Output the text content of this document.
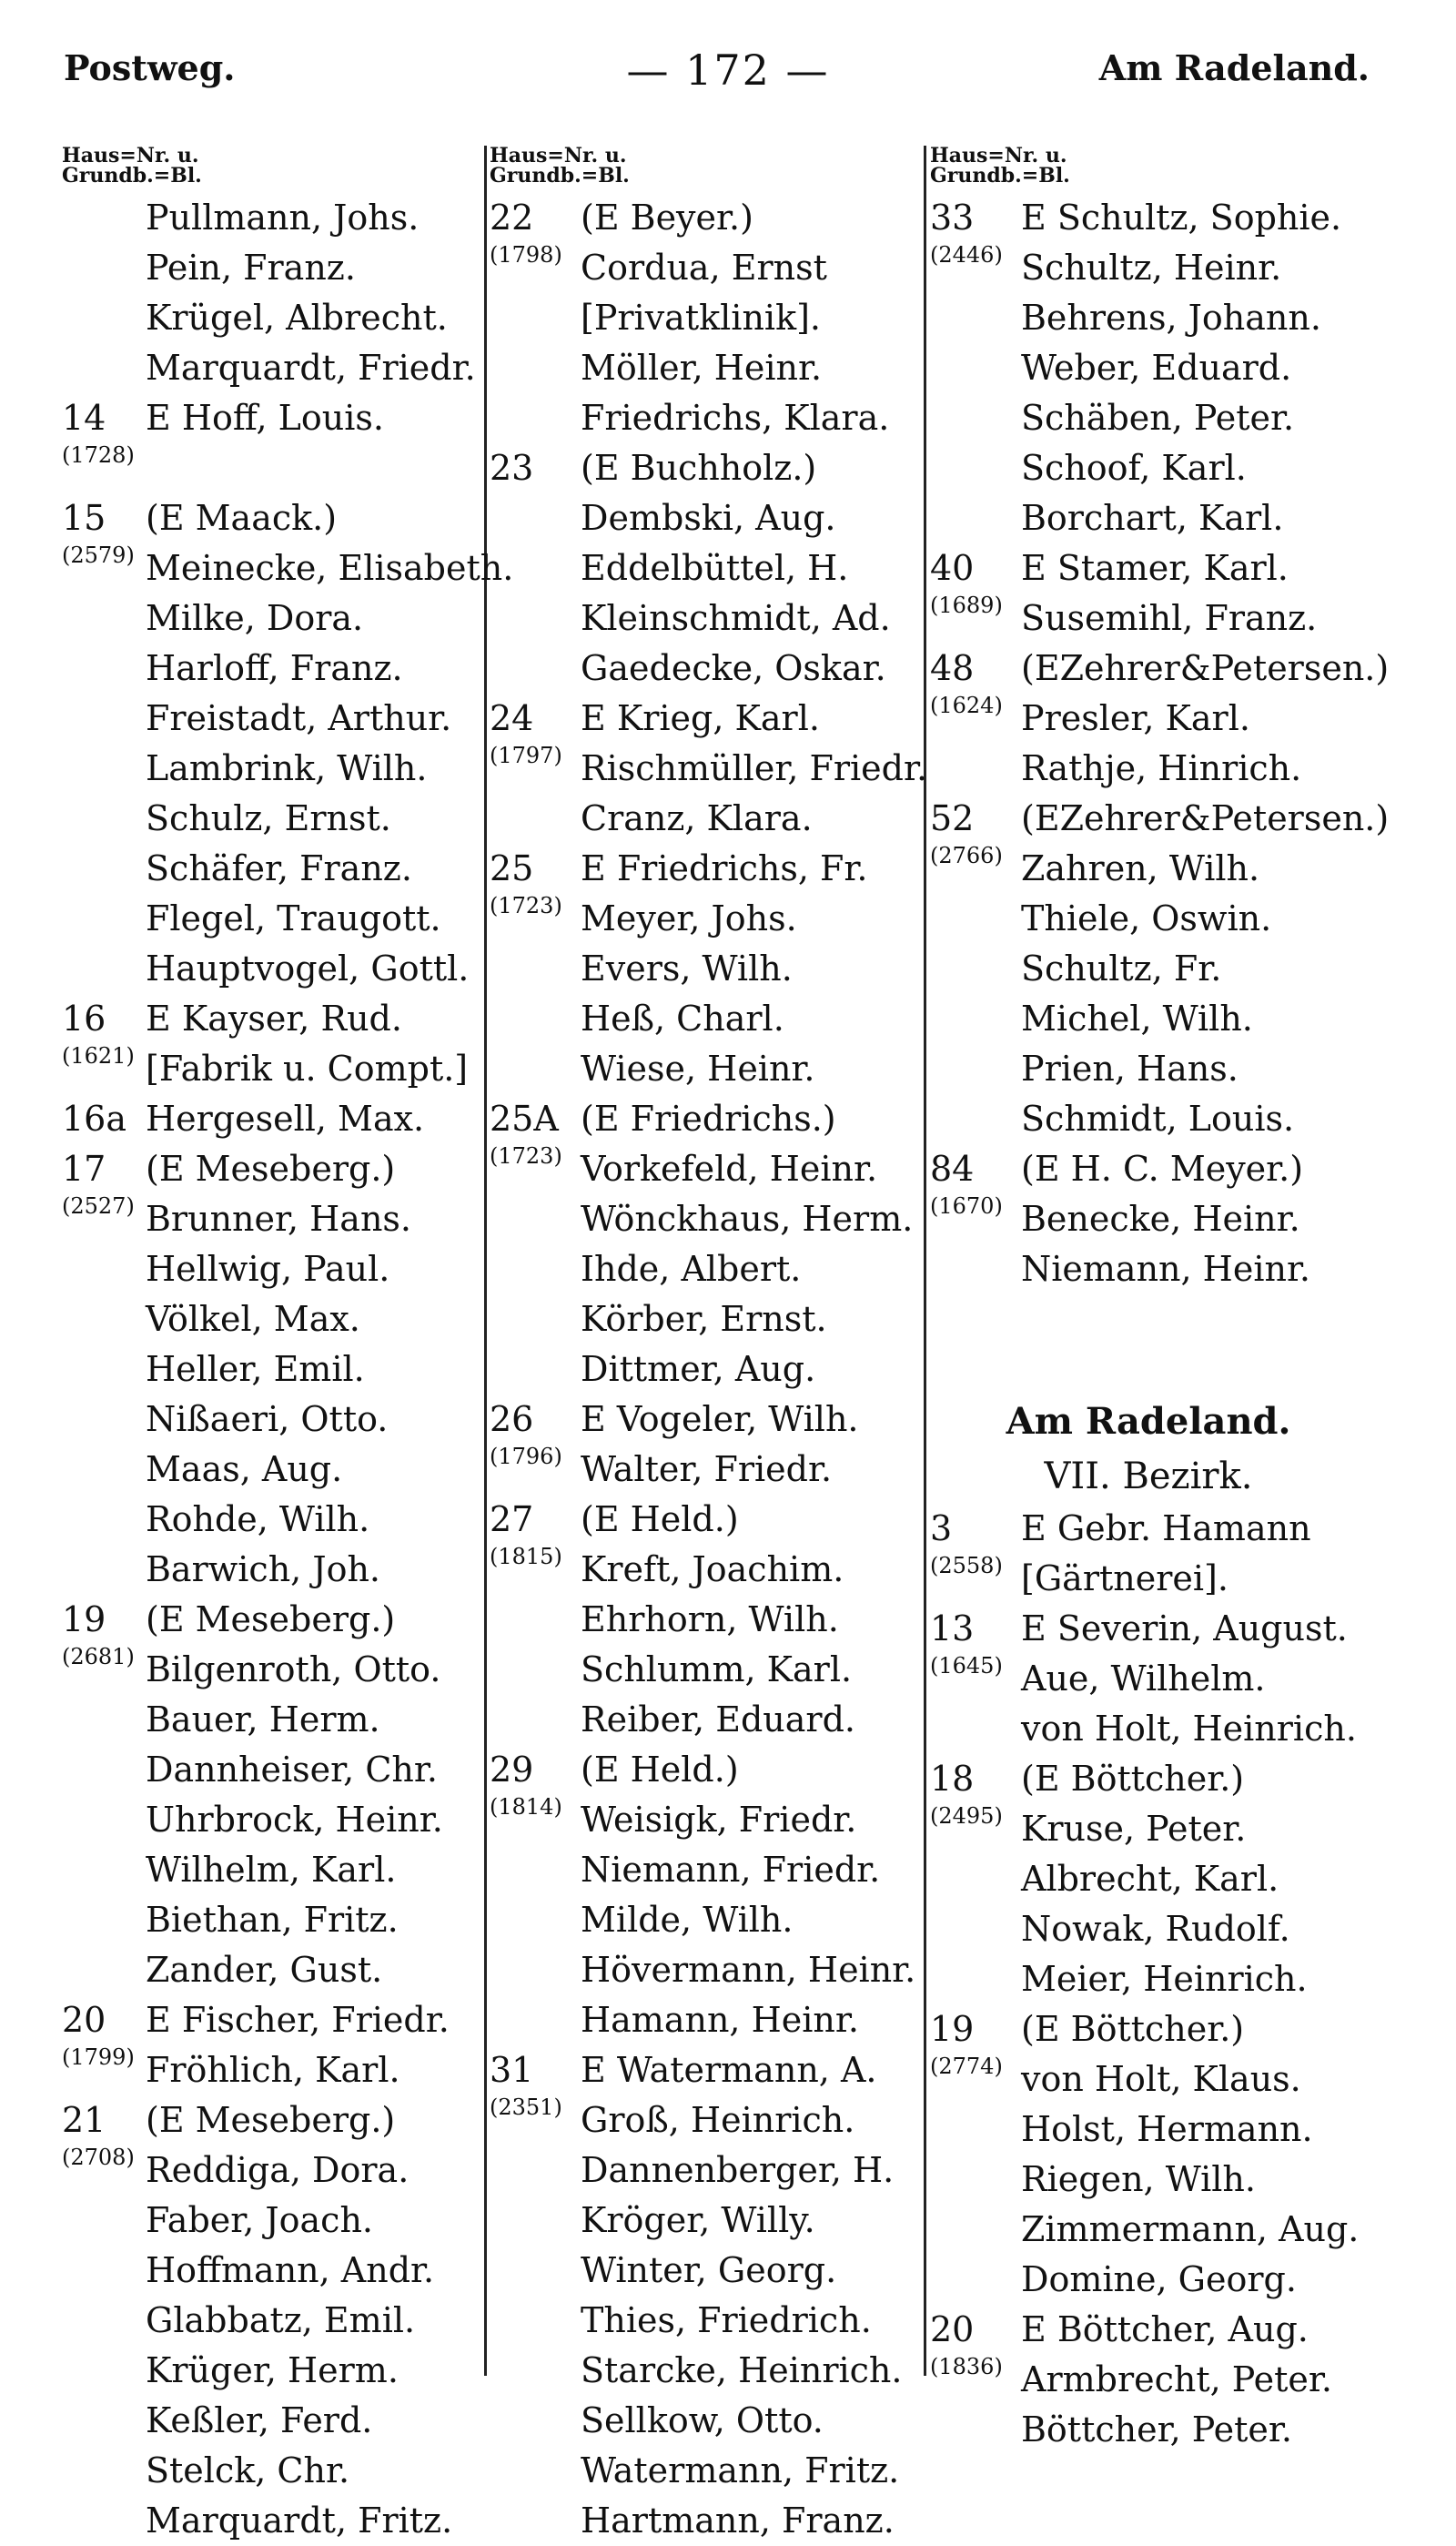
Postweg.	— 172 —	Am Radeland.
Haus=Nr. u.
Grundb.=Bl.
Pullmann, Johs.
Pein, Franz.
Krügel, Albrecht.
Marquardt, Friedr.
14 E Hoff, Louis.
(1728)
15 (E Maack.)
(2579) Meinecke, Elisabeth.
Milke, Dora.
Harloff, Franz.
Freistadt, Arthur.
Lambrink, Wilh.
Schulz, Ernst.
Schäfer, Franz.
Flegel, Traugott.
Hauptvogel, Gottl.
16 E Kayser, Rud.
(1621) [Fabrik u. Compt.]
16a Hergesell, Max.
17 (E Meseberg.)
(2527) Brunner, Hans.
Hellwig, Paul.
Völkel, Max.
Heller, Emil.
Nißaeri, Otto.
Maas, Aug.
Rohde, Wilh.
Barwich, Joh.
19 (E Meseberg.)
(2681) Bilgenroth, Otto.
Bauer, Herm.
Dannheiser, Chr.
Uhrbrock, Heinr.
Wilhelm, Karl.
Biethan, Fritz.
Zander, Gust.
20 E Fischer, Friedr.
(1799) Fröhlich, Karl.
21 (E Meseberg.)
(2708) Reddiga, Dora.
Faber, Joach.
Hoffmann, Andr.
Glabbatz, Emil.
Krüger, Herm.
Keßler, Ferd.
Stelck, Chr.
Marquardt, Fritz.
Haus=Nr. u.
Grundb.=Bl.
22 (E Beyer.)
(1798) Cordua, Ernst
[Privatklinik].
Möller, Heinr.
Friedrichs, Klara.
23 (E Buchholz.)
Dembski, Aug.
Eddelbüttel, H.
Kleinschmidt, Ad.
Gaedecke, Oskar.
24 E Krieg, Karl.
(1797) Rischmüller, Friedr.
Cranz, Klara.
25 E Friedrichs, Fr.
(1723) Meyer, Johs.
Evers, Wilh.
Heß, Charl.
Wiese, Heinr.
25A (E Friedrichs.)
(1723) Vorkefeld, Heinr.
Wönckhaus, Herm.
Ihde, Albert.
Körber, Ernst.
Dittmer, Aug.
26 E Vogeler, Wilh.
(1796) Walter, Friedr.
27 (E Held.)
(1815) Kreft, Joachim.
Ehrhorn, Wilh.
Schlumm, Karl.
Reiber, Eduard.
29 (E Held.)
(1814) Weisigk, Friedr.
Niemann, Friedr.
Milde, Wilh.
Hövermann, Heinr.
Hamann, Heinr.
31 E Watermann, A.
(2351) Groß, Heinrich.
Dannenberger, H.
Kröger, Willy.
Winter, Georg.
Thies, Friedrich.
Starcke, Heinrich.
Sellkow, Otto.
Watermann, Fritz.
Hartmann, Franz.
Haus=Nr. u.
Grundb.=Bl.
33 E Schultz, Sophie.
(2446) Schultz, Heinr.
Behrens, Johann.
Weber, Eduard.
Schäben, Peter.
Schoof, Karl.
Borchart, Karl.
40 E Stamer, Karl.
(1689) Susemihl, Franz.
48 (EZehrer&Petersen.)
(1624) Presler, Karl.
Rathje, Hinrich.
52 (EZehrer&Petersen.)
(2766) Zahren, Wilh.
Thiele, Oswin.
Schultz, Fr.
Michel, Wilh.
Prien, Hans.
Schmidt, Louis.
84 (E H. C. Meyer.)
(1670) Benecke, Heinr.
Niemann, Heinr.
Am Radeland.
VII. Bezirk.
3 E Gebr. Hamann
(2558) [Gärtnerei].
13 E Severin, August.
(1645) Aue, Wilhelm.
von Holt, Heinrich.
18 (E Böttcher.)
(2495) Kruse, Peter.
Albrecht, Karl.
Nowak, Rudolf.
Meier, Heinrich.
19 (E Böttcher.)
(2774) von Holt, Klaus.
Holst, Hermann.
Riegen, Wilh.
Zimmermann, Aug.
Domine, Georg.
20 E Böttcher, Aug.
(1836) Armbrecht, Peter.
Böttcher, Peter.
